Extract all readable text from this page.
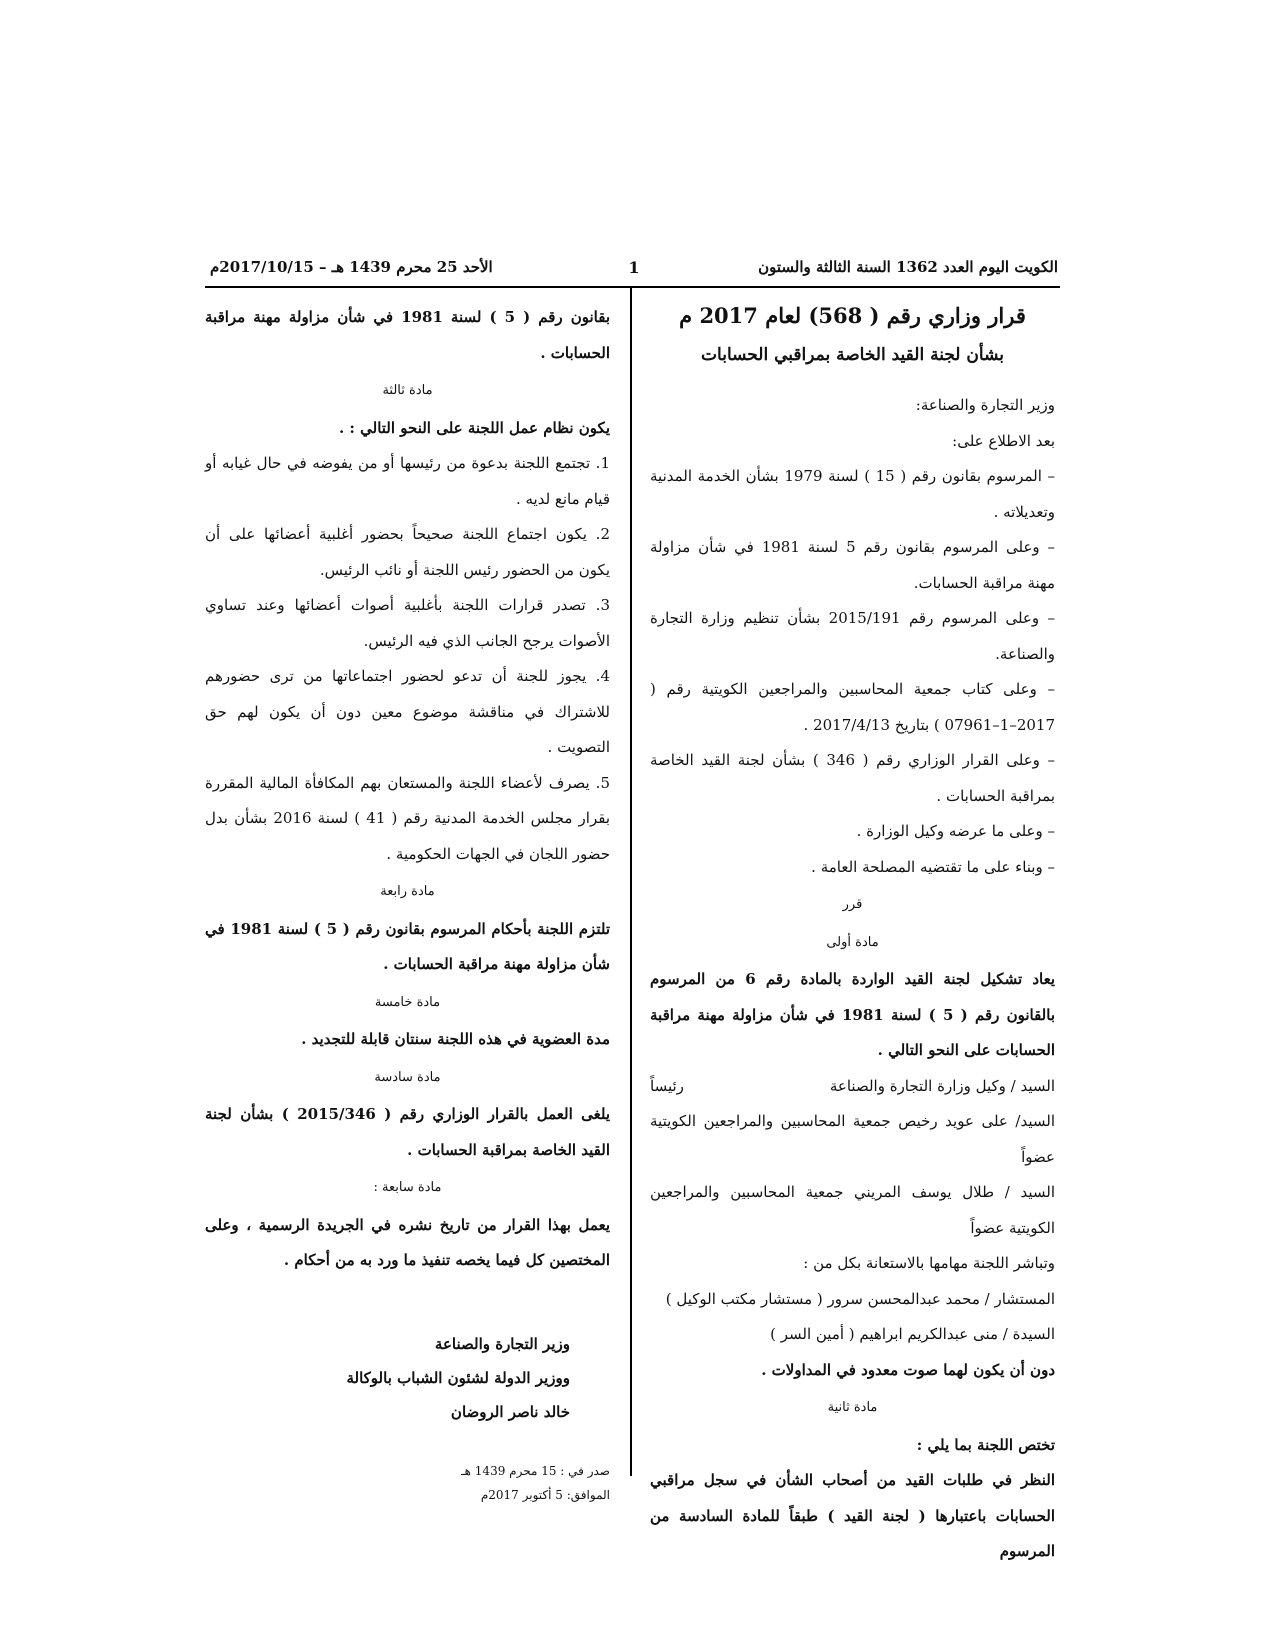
الكويت اليوم العدد 1362 السنة الثالثة والستون
1
الأحد 25 محرم 1439 هـ – 2017/10/15م

قرار وزاري رقم ( 568) لعام 2017 م

بشأن لجنة القيد الخاصة بمراقبي الحسابات

وزير التجارة والصناعة:

بعد الاطلاع على:

– المرسوم بقانون رقم ( 15 ) لسنة 1979 بشأن الخدمة المدنية وتعديلاته .

– وعلى المرسوم بقانون رقم 5 لسنة 1981 في شأن مزاولة مهنة مراقبة الحسابات.

– وعلى المرسوم رقم 2015/191 بشأن تنظيم وزارة التجارة والصناعة.

– وعلى كتاب جمعية المحاسبين والمراجعين الكويتية رقم ( 2017–1–07961 ) بتاريخ 2017/4/13 .

– وعلى القرار الوزاري رقم ( 346 ) بشأن لجنة القيد الخاصة بمراقبة الحسابات .

– وعلى ما عرضه وكيل الوزارة .

– وبناء على ما تقتضيه المصلحة العامة .

قرر

مادة أولى

يعاد تشكيل لجنة القيد الواردة بالمادة رقم 6 من المرسوم بالقانون رقم ( 5 ) لسنة 1981 في شأن مزاولة مهنة مراقبة الحسابات على النحو التالي .

السيد / وكيل وزارة التجارة والصناعة
رئيساً

السيد/ على عويد رخيص جمعية المحاسبين والمراجعين الكويتية عضواً

السيد / طلال يوسف المريني جمعية المحاسبين والمراجعين الكويتية عضواً

وتباشر اللجنة مهامها بالاستعانة بكل من :

المستشار / محمد عبدالمحسن سرور ( مستشار مكتب الوكيل )

السيدة / منى عبدالكريم ابراهيم ( أمين السر )

دون أن يكون لهما صوت معدود في المداولات .

مادة ثانية

تختص اللجنة بما يلي :

النظر في طلبات القيد من أصحاب الشأن في سجل مراقبي الحسابات باعتبارها ( لجنة القيد ) طبقاً للمادة السادسة من المرسوم

بقانون رقم ( 5 ) لسنة 1981 في شأن مزاولة مهنة مراقبة الحسابات .

مادة ثالثة

يكون نظام عمل اللجنة على النحو التالي : .

1. تجتمع اللجنة بدعوة من رئيسها أو من يفوضه في حال غيابه أو قيام مانع لديه .

2. يكون اجتماع اللجنة صحيحاً بحضور أغلبية أعضائها على أن يكون من الحضور رئيس اللجنة أو نائب الرئيس.

3. تصدر قرارات اللجنة بأغلبية أصوات أعضائها وعند تساوي الأصوات يرجح الجانب الذي فيه الرئيس.

4. يجوز للجنة أن تدعو لحضور اجتماعاتها من ترى حضورهم للاشتراك في مناقشة موضوع معين دون أن يكون لهم حق التصويت .

5. يصرف لأعضاء اللجنة والمستعان بهم المكافأة المالية المقررة بقرار مجلس الخدمة المدنية رقم ( 41 ) لسنة 2016 بشأن بدل حضور اللجان في الجهات الحكومية .

مادة رابعة

تلتزم اللجنة بأحكام المرسوم بقانون رقم ( 5 ) لسنة 1981 في شأن مزاولة مهنة مراقبة الحسابات .

مادة خامسة

مدة العضوية في هذه اللجنة سنتان قابلة للتجديد .

مادة سادسة

يلغى العمل بالقرار الوزاري رقم ( 2015/346 ) بشأن لجنة القيد الخاصة بمراقبة الحسابات .

مادة سابعة :

يعمل بهذا القرار من تاريخ نشره في الجريدة الرسمية ، وعلى المختصين كل فيما يخصه تنفيذ ما ورد به من أحكام .

وزير التجارة والصناعة

ووزير الدولة لشئون الشباب بالوكالة

خالد ناصر الروضان

صدر في : 15 محرم 1439 هـ

الموافق: 5 أكتوبر 2017م
